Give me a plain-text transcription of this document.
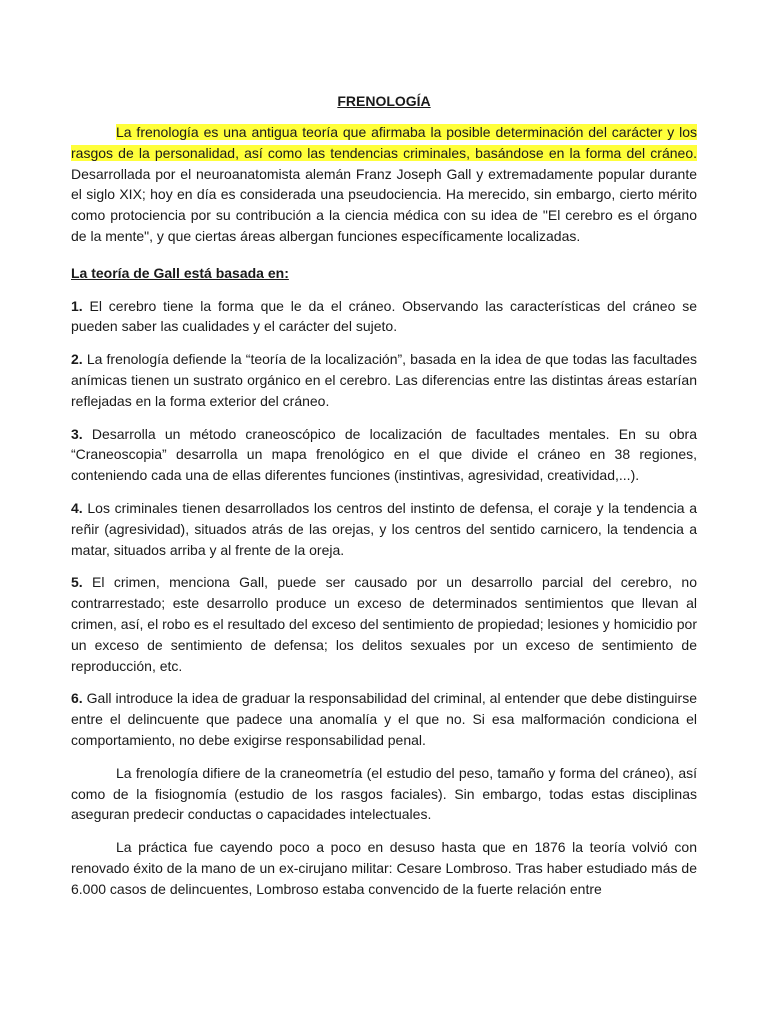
FRENOLOGÍA

La frenología es una antigua teoría que afirmaba la posible determinación del carácter y los rasgos de la personalidad, así como las tendencias criminales, basándose en la forma del cráneo. Desarrollada por el neuroanatomista alemán Franz Joseph Gall y extremadamente popular durante el siglo XIX; hoy en día es considerada una pseudociencia. Ha merecido, sin embargo, cierto mérito como protociencia por su contribución a la ciencia médica con su idea de "El cerebro es el órgano de la mente", y que ciertas áreas albergan funciones específicamente localizadas.

La teoría de Gall está basada en:

1. El cerebro tiene la forma que le da el cráneo. Observando las características del cráneo se pueden saber las cualidades y el carácter del sujeto.

2. La frenología defiende la “teoría de la localización”, basada en la idea de que todas las facultades anímicas tienen un sustrato orgánico en el cerebro. Las diferencias entre las distintas áreas estarían reflejadas en la forma exterior del cráneo.

3. Desarrolla un método craneoscópico de localización de facultades mentales. En su obra “Craneoscopia” desarrolla un mapa frenológico en el que divide el cráneo en 38 regiones, conteniendo cada una de ellas diferentes funciones (instintivas, agresividad, creatividad,...).

4. Los criminales tienen desarrollados los centros del instinto de defensa, el coraje y la tendencia a reñir (agresividad), situados atrás de las orejas, y los centros del sentido carnicero, la tendencia a matar, situados arriba y al frente de la oreja.

5. El crimen, menciona Gall, puede ser causado por un desarrollo parcial del cerebro, no contrarrestado; este desarrollo produce un exceso de determinados sentimientos que llevan al crimen, así, el robo es el resultado del exceso del sentimiento de propiedad; lesiones y homicidio por un exceso de sentimiento de defensa; los delitos sexuales por un exceso de sentimiento de reproducción, etc.

6. Gall introduce la idea de graduar la responsabilidad del criminal, al entender que debe distinguirse entre el delincuente que padece una anomalía y el que no. Si esa malformación condiciona el comportamiento, no debe exigirse responsabilidad penal.

La frenología difiere de la craneometría (el estudio del peso, tamaño y forma del cráneo), así como de la fisiognomía (estudio de los rasgos faciales). Sin embargo, todas estas disciplinas aseguran predecir conductas o capacidades intelectuales.

La práctica fue cayendo poco a poco en desuso hasta que en 1876 la teoría volvió con renovado éxito de la mano de un ex-cirujano militar: Cesare Lombroso. Tras haber estudiado más de 6.000 casos de delincuentes, Lombroso estaba convencido de la fuerte relación entre
